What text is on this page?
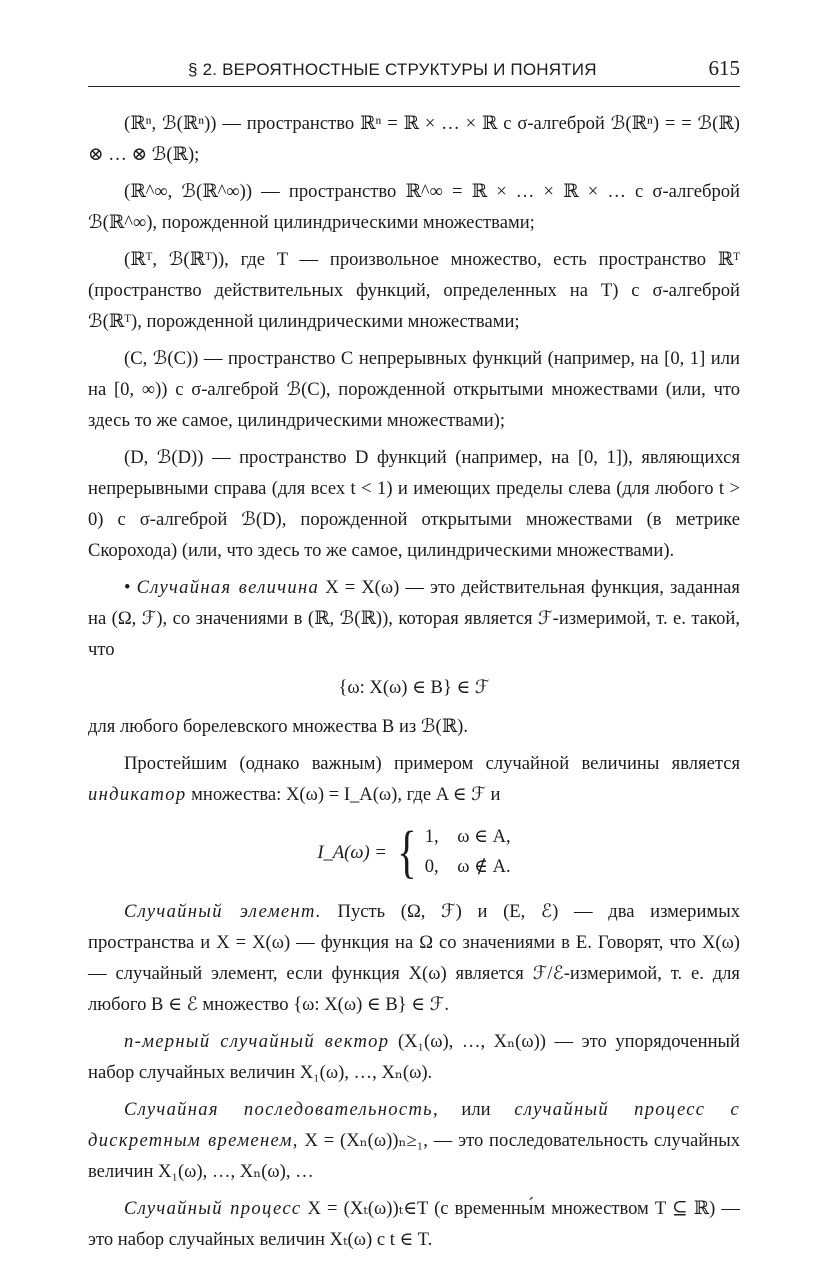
§ 2. ВЕРОЯТНОСТНЫЕ СТРУКТУРЫ И ПОНЯТИЯ	615

(ℝⁿ, ℬ(ℝⁿ)) — пространство ℝⁿ = ℝ × … × ℝ с σ-алгеброй ℬ(ℝⁿ) = = ℬ(ℝ) ⊗ … ⊗ ℬ(ℝ);

(ℝ^∞, ℬ(ℝ^∞)) — пространство ℝ^∞ = ℝ × … × ℝ × … с σ-алгеброй ℬ(ℝ^∞), порожденной цилиндрическими множествами;

(ℝᵀ, ℬ(ℝᵀ)), где T — произвольное множество, есть пространство ℝᵀ (пространство действительных функций, определенных на T) с σ-алгеброй ℬ(ℝᵀ), порожденной цилиндрическими множествами;

(C, ℬ(C)) — пространство C непрерывных функций (например, на [0, 1] или на [0, ∞)) с σ-алгеброй ℬ(C), порожденной открытыми множествами (или, что здесь то же самое, цилиндрическими множествами);

(D, ℬ(D)) — пространство D функций (например, на [0, 1]), являющихся непрерывными справа (для всех t < 1) и имеющих пределы слева (для любого t > 0) с σ-алгеброй ℬ(D), порожденной открытыми множествами (в метрике Скорохода) (или, что здесь то же самое, цилиндрическими множествами).

• Случайная величина X = X(ω) — это действительная функция, заданная на (Ω, ℱ), со значениями в (ℝ, ℬ(ℝ)), которая является ℱ-измеримой, т. е. такой, что

{ω: X(ω) ∈ B} ∈ ℱ

для любого борелевского множества B из ℬ(ℝ).

Простейшим (однако важным) примером случайной величины является индикатор множества: X(ω) = I_A(ω), где A ∈ ℱ и

I_A(ω) = { 1,    ω ∈ A,
0,    ω ∉ A.

Случайный элемент. Пусть (Ω, ℱ) и (E, ℰ) — два измеримых пространства и X = X(ω) — функция на Ω со значениями в E. Говорят, что X(ω) — случайный элемент, если функция X(ω) является ℱ/ℰ-измеримой, т. е. для любого B ∈ ℰ множество {ω: X(ω) ∈ B} ∈ ℱ.

n-мерный случайный вектор (X₁(ω), …, Xₙ(ω)) — это упорядоченный набор случайных величин X₁(ω), …, Xₙ(ω).

Случайная последовательность, или случайный процесс с дискретным временем, X = (Xₙ(ω))ₙ≥₁, — это последовательность случайных величин X₁(ω), …, Xₙ(ω), …

Случайный процесс X = (Xₜ(ω))ₜ∈T (с временны́м множеством T ⊆ ℝ) — это набор случайных величин Xₜ(ω) с t ∈ T.
